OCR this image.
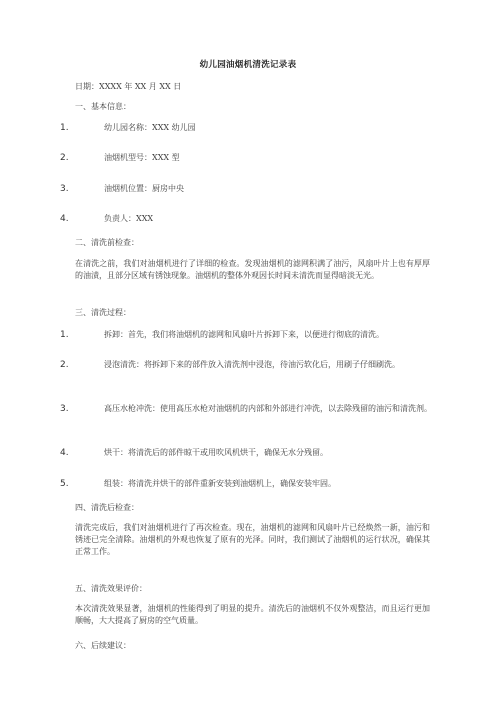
幼儿园油烟机清洗记录表
日期：XXXX 年 XX 月 XX 日
一、基本信息：
1.	幼儿园名称：XXX 幼儿园
2.	油烟机型号：XXX 型
3.	油烟机位置：厨房中央
4.	负责人：XXX
二、清洗前检查：
在清洗之前，我们对油烟机进行了详细的检查。发现油烟机的滤网积满了油污，风扇叶片上也有厚厚的油渍，且部分区域有锈蚀现象。油烟机的整体外观因长时间未清洗而显得暗淡无光。
三、清洗过程：
1.	拆卸：首先，我们将油烟机的滤网和风扇叶片拆卸下来，以便进行彻底的清洗。
2.	浸泡清洗：将拆卸下来的部件放入清洗剂中浸泡，待油污软化后，用刷子仔细刷洗。
3.	高压水枪冲洗：使用高压水枪对油烟机的内部和外部进行冲洗，以去除残留的油污和清洗剂。
4.	烘干：将清洗后的部件晾干或用吹风机烘干，确保无水分残留。
5.	组装：将清洗并烘干的部件重新安装到油烟机上，确保安装牢固。
四、清洗后检查：
清洗完成后，我们对油烟机进行了再次检查。现在，油烟机的滤网和风扇叶片已经焕然一新，油污和锈迹已完全清除。油烟机的外观也恢复了原有的光泽。同时，我们测试了油烟机的运行状况，确保其正常工作。
五、清洗效果评价：
本次清洗效果显著，油烟机的性能得到了明显的提升。清洗后的油烟机不仅外观整洁，而且运行更加顺畅，大大提高了厨房的空气质量。
六、后续建议：
